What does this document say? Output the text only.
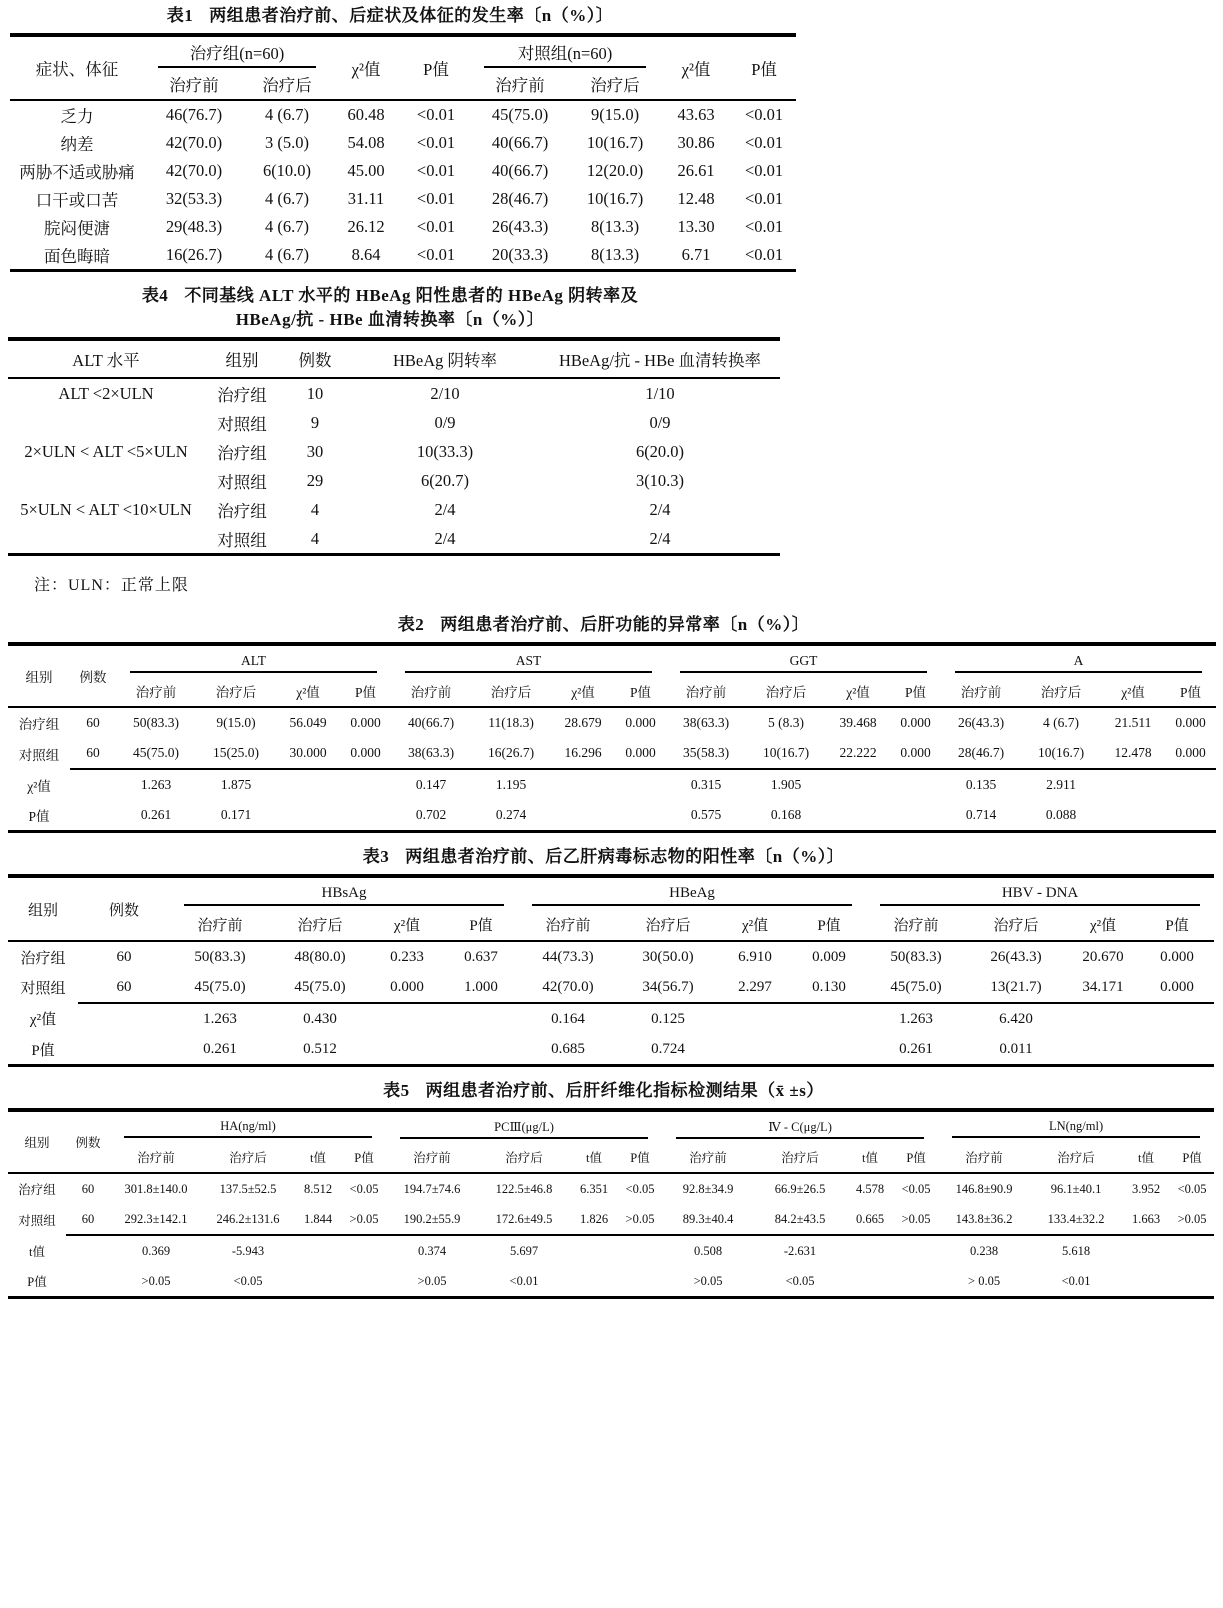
表1 两组患者治疗前、后症状及体征的发生率〔n（%）〕
症状、体征	治疗组(n=60)		χ²值	P值	对照组(n=60)		χ²值	P值
	治疗前	治疗后			治疗前	治疗后		
乏力	46(76.7)	4 (6.7)	60.48	<0.01	45(75.0)	9(15.0)	43.63	<0.01
纳差	42(70.0)	3 (5.0)	54.08	<0.01	40(66.7)	10(16.7)	30.86	<0.01
两胁不适或胁痛	42(70.0)	6(10.0)	45.00	<0.01	40(66.7)	12(20.0)	26.61	<0.01
口干或口苦	32(53.3)	4 (6.7)	31.11	<0.01	28(46.7)	10(16.7)	12.48	<0.01
脘闷便溏	29(48.3)	4 (6.7)	26.12	<0.01	26(43.3)	8(13.3)	13.30	<0.01
面色晦暗	16(26.7)	4 (6.7)	8.64	<0.01	20(33.3)	8(13.3)	6.71	<0.01
表4 不同基线 ALT 水平的 HBeAg 阳性患者的 HBeAg 阴转率及
HBeAg/抗 - HBe 血清转换率〔n（%）〕
ALT 水平	组别	例数	HBeAg 阴转率	HBeAg/抗 - HBe 血清转换率
ALT <2×ULN	治疗组	10	2/10	1/10
	对照组	9	0/9	0/9
2×ULN < ALT <5×ULN	治疗组	30	10(33.3)	6(20.0)
	对照组	29	6(20.7)	3(10.3)
5×ULN < ALT <10×ULN	治疗组	4	2/4	2/4
	对照组	4	2/4	2/4
注：ULN：正常上限
表2 两组患者治疗前、后肝功能的异常率〔n（%）〕
组别	例数	ALT				AST				GGT				A			

		治疗前	治疗后	χ²值	P值	治疗前	治疗后	χ²值	P值	治疗前	治疗后	χ²值	P值	治疗前	治疗后	χ²值	P值
治疗组	60	50(83.3)	9(15.0)	56.049	0.000	40(66.7)	11(18.3)	28.679	0.000	38(63.3)	5 (8.3)	39.468	0.000	26(43.3)	4 (6.7)	21.511	0.000
对照组	60	45(75.0)	15(25.0)	30.000	0.000	38(63.3)	16(26.7)	16.296	0.000	35(58.3)	10(16.7)	22.222	0.000	28(46.7)	10(16.7)	12.478	0.000
χ²值		1.263	1.875			0.147	1.195			0.315	1.905			0.135	2.911		
P值		0.261	0.171			0.702	0.274			0.575	0.168			0.714	0.088		
表3 两组患者治疗前、后乙肝病毒标志物的阳性率〔n（%）〕
组别	例数	HBsAg				HBeAg				HBV - DNA			

		治疗前	治疗后	χ²值	P值	治疗前	治疗后	χ²值	P值	治疗前	治疗后	χ²值	P值
治疗组	60	50(83.3)	48(80.0)	0.233	0.637	44(73.3)	30(50.0)	6.910	0.009	50(83.3)	26(43.3)	20.670	0.000
对照组	60	45(75.0)	45(75.0)	0.000	1.000	42(70.0)	34(56.7)	2.297	0.130	45(75.0)	13(21.7)	34.171	0.000
χ²值		1.263	0.430			0.164	0.125			1.263	6.420		
P值		0.261	0.512			0.685	0.724			0.261	0.011		
表5 两组患者治疗前、后肝纤维化指标检测结果（x̄ ±s）
组别	例数	HA(ng/ml)				PCⅢ(μg/L)				Ⅳ - C(μg/L)				LN(ng/ml)			

		治疗前	治疗后	t值	P值	治疗前	治疗后	t值	P值	治疗前	治疗后	t值	P值	治疗前	治疗后	t值	P值
治疗组	60	301.8±140.0	137.5±52.5	8.512	<0.05	194.7±74.6	122.5±46.8	6.351	<0.05	92.8±34.9	66.9±26.5	4.578	<0.05	146.8±90.9	96.1±40.1	3.952	<0.05
对照组	60	292.3±142.1	246.2±131.6	1.844	>0.05	190.2±55.9	172.6±49.5	1.826	>0.05	89.3±40.4	84.2±43.5	0.665	>0.05	143.8±36.2	133.4±32.2	1.663	>0.05
t值		0.369	-5.943			0.374	5.697			0.508	-2.631			0.238	5.618		
P值		>0.05	<0.05			>0.05	<0.01			>0.05	<0.05			> 0.05	<0.01		
